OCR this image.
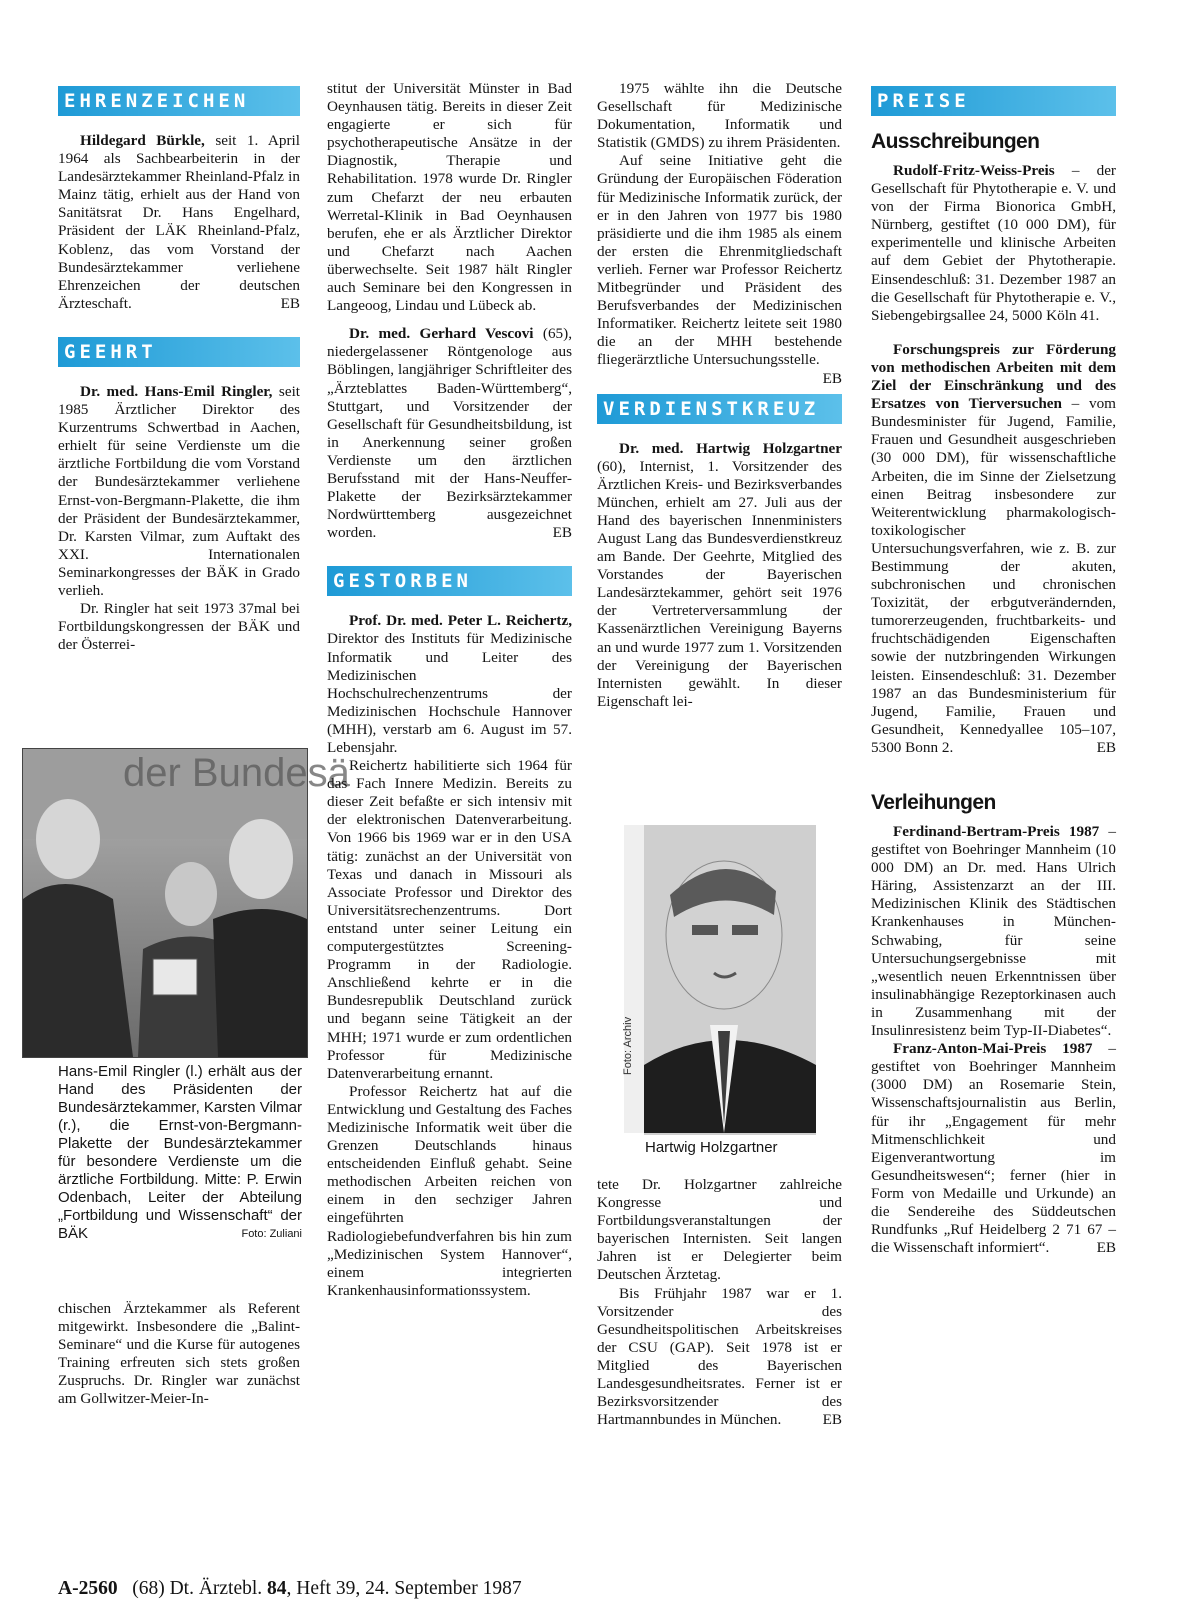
EHRENZEICHEN

Hildegard Bürkle, seit 1. April 1964 als Sachbearbeiterin in der Landesärztekammer Rheinland-Pfalz in Mainz tätig, erhielt aus der Hand von Sanitätsrat Dr. Hans Engelhard, Präsident der LÄK Rheinland-Pfalz, Koblenz, das vom Vorstand der Bundesärztekammer verliehene Ehrenzeichen der deutschen Ärzteschaft.	EB

GEEHRT

Dr. med. Hans-Emil Ringler, seit 1985 Ärztlicher Direktor des Kurzentrums Schwertbad in Aachen, erhielt für seine Verdienste um die ärztliche Fortbildung die vom Vorstand der Bundesärztekammer verliehene Ernst-von-Bergmann-Plakette, die ihm der Präsident der Bundesärztekammer, Dr. Karsten Vilmar, zum Auftakt des XXI. Internationalen Seminarkongresses der BÄK in Grado verlieh.

Dr. Ringler hat seit 1973 37mal bei Fortbildungskongressen der BÄK und der Österrei-

der Bundesä
Hans-Emil Ringler (l.) erhält aus der Hand des Präsidenten der Bundesärztekammer, Karsten Vilmar (r.), die Ernst-von-Bergmann-Plakette der Bundesärztekammer für besondere Verdienste um die ärztliche Fortbildung. Mitte: P. Erwin Odenbach, Leiter der Abteilung „Fortbildung und Wissenschaft“ der BÄK	Foto: Zuliani

chischen Ärztekammer als Referent mitgewirkt. Insbesondere die „Balint-Seminare“ und die Kurse für autogenes Training erfreuten sich stets großen Zuspruchs. Dr. Ringler war zunächst am Gollwitzer-Meier-In-

stitut der Universität Münster in Bad Oeynhausen tätig. Bereits in dieser Zeit engagierte er sich für psychotherapeutische Ansätze in der Diagnostik, Therapie und Rehabilitation. 1978 wurde Dr. Ringler zum Chefarzt der neu erbauten Werretal-Klinik in Bad Oeynhausen berufen, ehe er als Ärztlicher Direktor und Chefarzt nach Aachen überwechselte. Seit 1987 hält Ringler auch Seminare bei den Kongressen in Langeoog, Lindau und Lübeck ab.

Dr. med. Gerhard Vescovi (65), niedergelassener Röntgenologe aus Böblingen, langjähriger Schriftleiter des „Ärzteblattes Baden-Württemberg“, Stuttgart, und Vorsitzender der Gesellschaft für Gesundheitsbildung, ist in Anerkennung seiner großen Verdienste um den ärztlichen Berufsstand mit der Hans-Neuffer-Plakette der Bezirksärztekammer Nordwürttemberg ausgezeichnet worden.	EB

GESTORBEN

Prof. Dr. med. Peter L. Reichertz, Direktor des Instituts für Medizinische Informatik und Leiter des Medizinischen Hochschulrechenzentrums der Medizinischen Hochschule Hannover (MHH), verstarb am 6. August im 57. Lebensjahr.

Reichertz habilitierte sich 1964 für das Fach Innere Medizin. Bereits zu dieser Zeit befaßte er sich intensiv mit der elektronischen Datenverarbeitung. Von 1966 bis 1969 war er in den USA tätig: zunächst an der Universität von Texas und danach in Missouri als Associate Professor und Direktor des Universitätsrechenzentrums. Dort entstand unter seiner Leitung ein computergestütztes Screening-Programm in der Radiologie. Anschließend kehrte er in die Bundesrepublik Deutschland zurück und begann seine Tätigkeit an der MHH; 1971 wurde er zum ordentlichen Professor für Medizinische Datenverarbeitung ernannt.

Professor Reichertz hat auf die Entwicklung und Gestaltung des Faches Medizinische Informatik weit über die Grenzen Deutschlands hinaus entscheidenden Einfluß gehabt. Seine methodischen Arbeiten reichen von einem in den sechziger Jahren eingeführten Radiologiebefundverfahren bis hin zum „Medizinischen System Hannover“, einem integrierten Krankenhausinformationssystem.

1975 wählte ihn die Deutsche Gesellschaft für Medizinische Dokumentation, Informatik und Statistik (GMDS) zu ihrem Präsidenten.

Auf seine Initiative geht die Gründung der Europäischen Föderation für Medizinische Informatik zurück, der er in den Jahren von 1977 bis 1980 präsidierte und die ihm 1985 als einem der ersten die Ehrenmitgliedschaft verlieh. Ferner war Professor Reichertz Mitbegründer und Präsident des Berufsverbandes der Medizinischen Informatiker. Reichertz leitete seit 1980 die an der MHH bestehende fliegerärztliche Untersuchungsstelle.
EB

VERDIENSTKREUZ

Dr. med. Hartwig Holzgartner (60), Internist, 1. Vorsitzender des Ärztlichen Kreis- und Bezirksverbandes München, erhielt am 27. Juli aus der Hand des bayerischen Innenministers August Lang das Bundesverdienstkreuz am Bande. Der Geehrte, Mitglied des Vorstandes der Bayerischen Landesärztekammer, gehört seit 1976 der Vertreterversammlung der Kassenärztlichen Vereinigung Bayerns an und wurde 1977 zum 1. Vorsitzenden der Vereinigung der Bayerischen Internisten gewählt. In dieser Eigenschaft lei-

Foto: Archiv
Hartwig Holzgartner

tete Dr. Holzgartner zahlreiche Kongresse und Fortbildungsveranstaltungen der bayerischen Internisten. Seit langen Jahren ist er Delegierter beim Deutschen Ärztetag.

Bis Frühjahr 1987 war er 1. Vorsitzender des Gesundheitspolitischen Arbeitskreises der CSU (GAP). Seit 1978 ist er Mitglied des Bayerischen Landesgesundheitsrates. Ferner ist er Bezirksvorsitzender des Hartmannbundes in München.	EB

PREISE
Ausschreibungen

Rudolf-Fritz-Weiss-Preis – der Gesellschaft für Phytotherapie e. V. und von der Firma Bionorica GmbH, Nürnberg, gestiftet (10 000 DM), für experimentelle und klinische Arbeiten auf dem Gebiet der Phytotherapie. Einsendeschluß: 31. Dezember 1987 an die Gesellschaft für Phytotherapie e. V., Siebengebirgsallee 24, 5000 Köln 41.

Forschungspreis zur Förderung von methodischen Arbeiten mit dem Ziel der Einschränkung und des Ersatzes von Tierversuchen – vom Bundesminister für Jugend, Familie, Frauen und Gesundheit ausgeschrieben (30 000 DM), für wissenschaftliche Arbeiten, die im Sinne der Zielsetzung einen Beitrag insbesondere zur Weiterentwicklung pharmakologisch-toxikologischer Untersuchungsverfahren, wie z. B. zur Bestimmung der akuten, subchronischen und chronischen Toxizität, der erbgutverändernden, tumorerzeugenden, fruchtbarkeits- und fruchtschädigenden Eigenschaften sowie der nutzbringenden Wirkungen leisten. Einsendeschluß: 31. Dezember 1987 an das Bundesministerium für Jugend, Familie, Frauen und Gesundheit, Kennedyallee 105–107, 5300 Bonn 2.	EB

Verleihungen

Ferdinand-Bertram-Preis 1987 – gestiftet von Boehringer Mannheim (10 000 DM) an Dr. med. Hans Ulrich Häring, Assistenzarzt an der III. Medizinischen Klinik des Städtischen Krankenhauses in München-Schwabing, für seine Untersuchungsergebnisse mit „wesentlich neuen Erkenntnissen über insulinabhängige Rezeptorkinasen auch in Zusammenhang mit der Insulinresistenz beim Typ-II-Diabetes“.

Franz-Anton-Mai-Preis 1987 – gestiftet von Boehringer Mannheim (3000 DM) an Rosemarie Stein, Wissenschaftsjournalistin aus Berlin, für ihr „Engagement für mehr Mitmenschlichkeit und Eigenverantwortung im Gesundheitswesen“; ferner (hier in Form von Medaille und Urkunde) an die Sendereihe des Süddeutschen Rundfunks „Ruf Heidelberg 2 71 67 – die Wissenschaft informiert“.	EB

A-2560 (68) Dt. Ärztebl. 84, Heft 39, 24. September 1987
